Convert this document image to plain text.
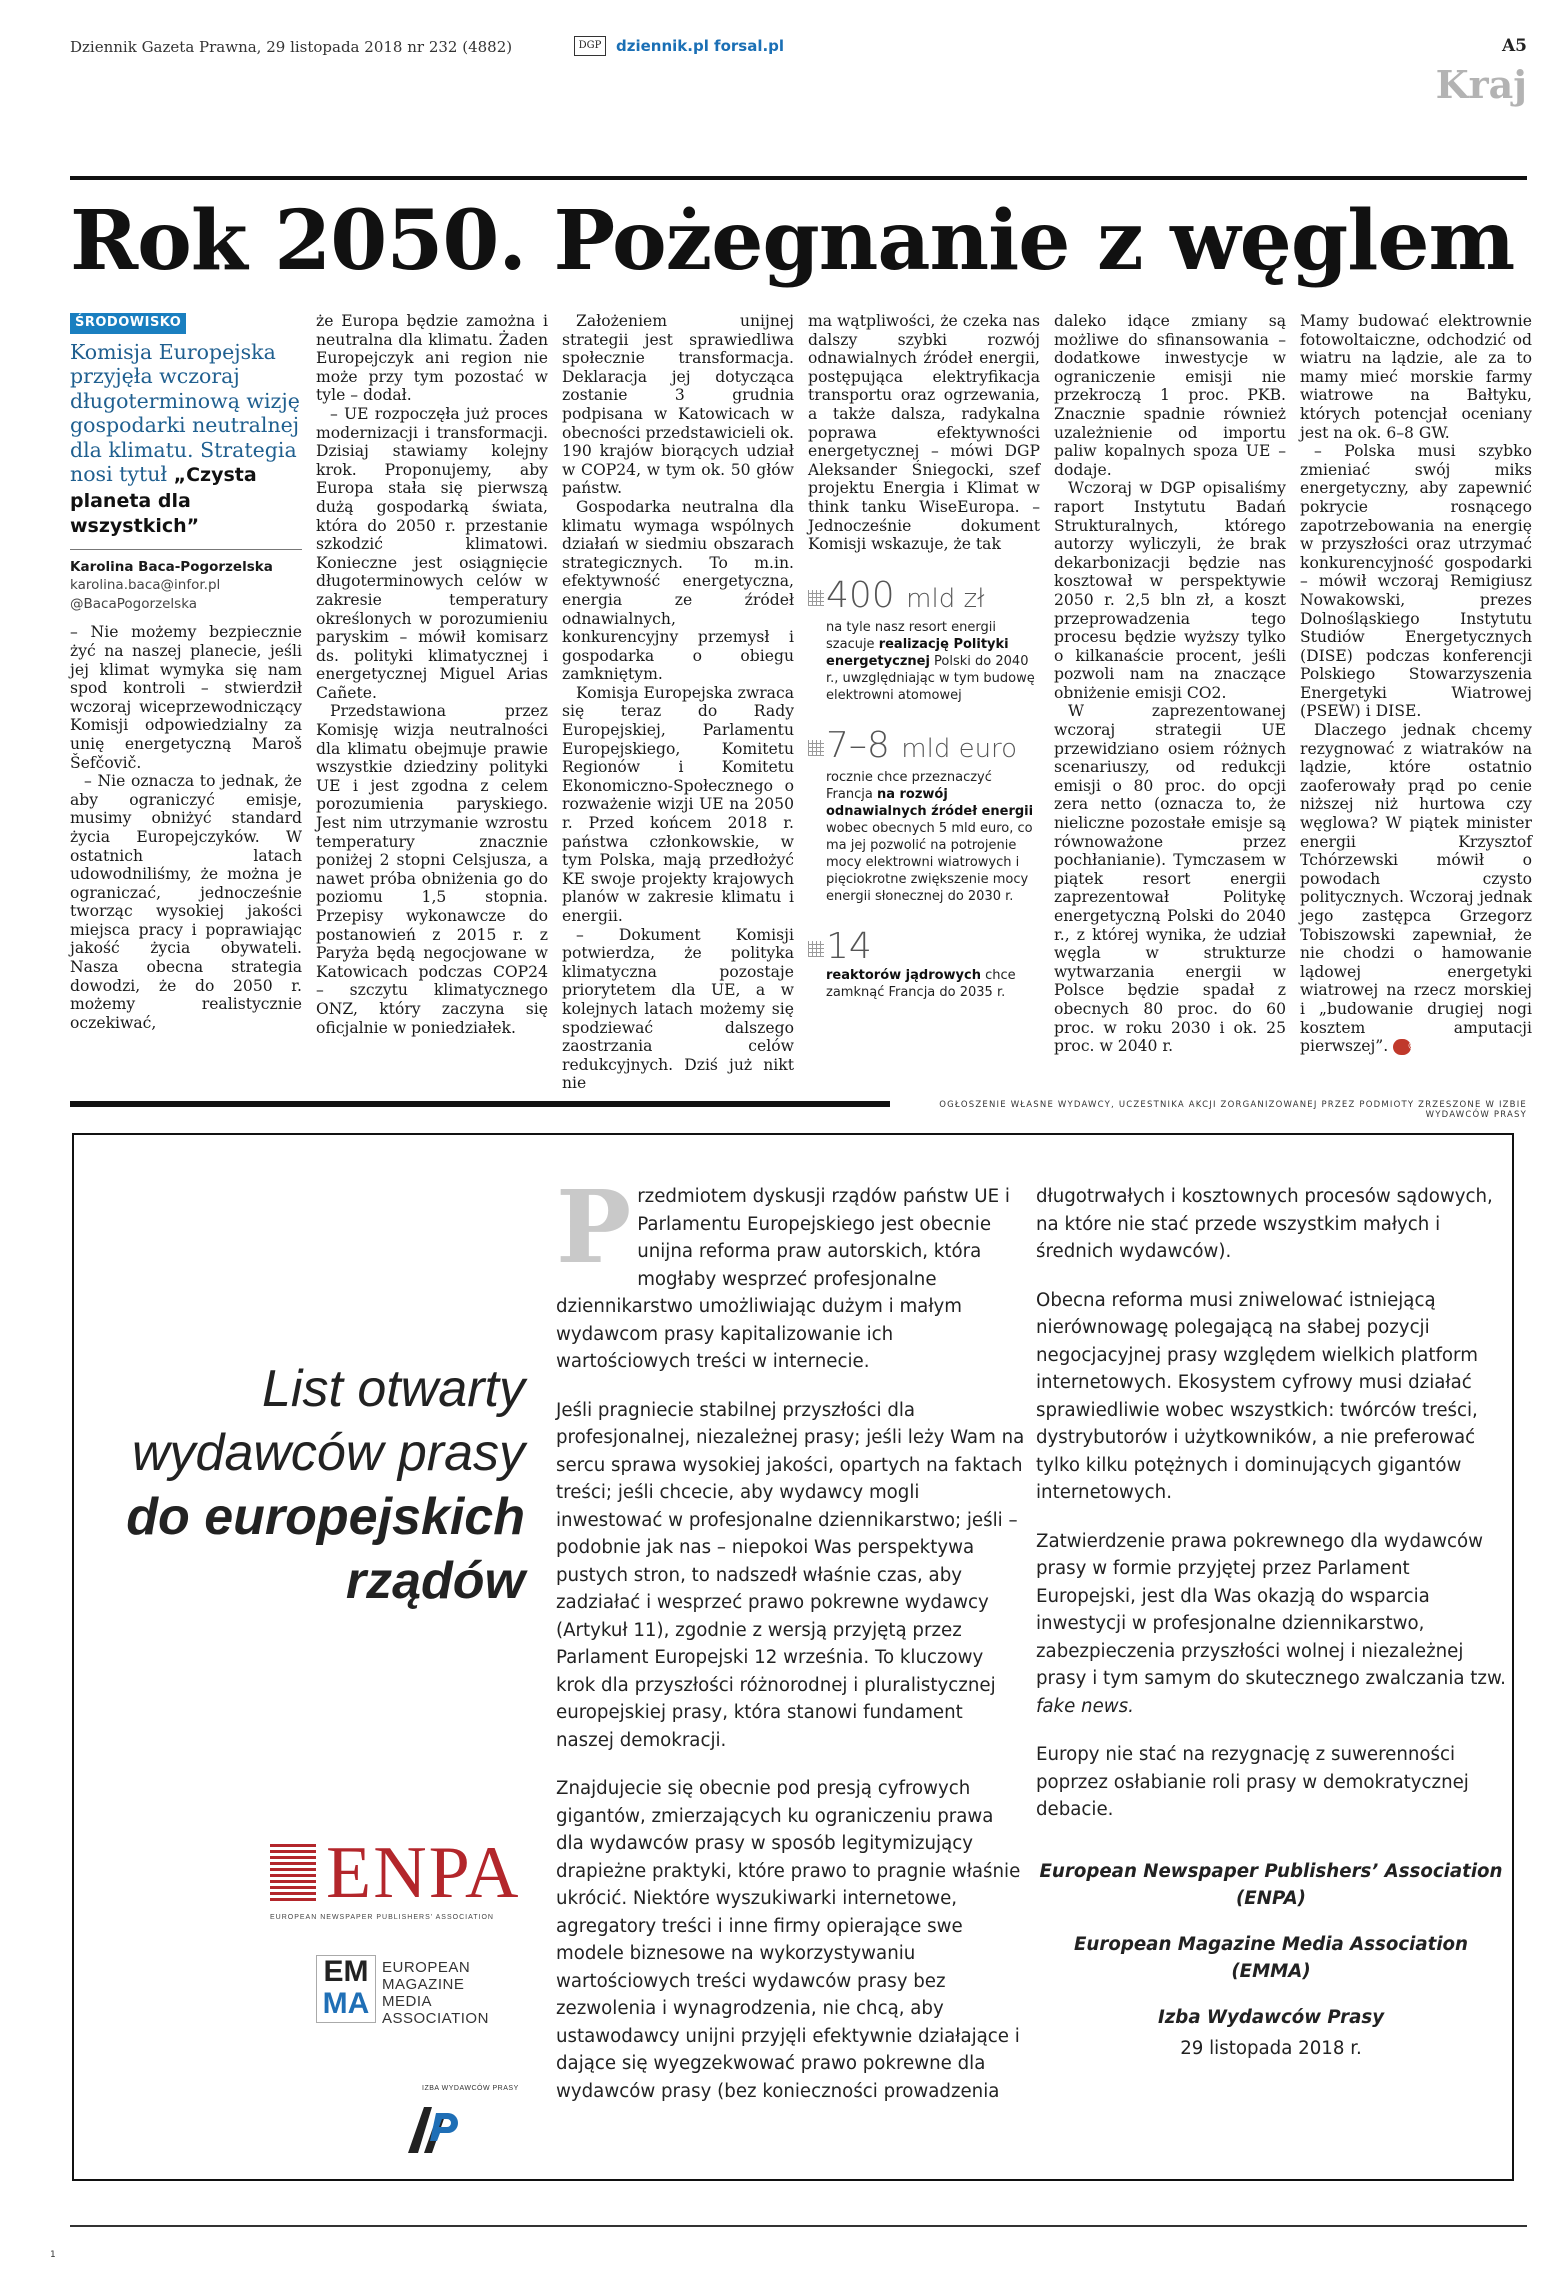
Dziennik Gazeta Prawna, 29 listopada 2018 nr 232 (4882)	DGP dziennik.pl forsal.pl	A5
Kraj
Rok 2050. Pożegnanie z węglem
ŚRODOWISKO
Komisja Europejska przyjęła wczoraj długoterminową wizję gospodarki neutralnej dla klimatu. Strategia nosi tytuł „Czysta planeta dla wszystkich”
Karolina Baca-Pogorzelska
karolina.baca@infor.pl
@BacaPogorzelska

– Nie możemy bezpiecznie żyć na naszej planecie, jeśli jej klimat wymyka się nam spod kontroli – stwierdził wczoraj wiceprzewodniczący Komisji odpowiedzialny za unię energetyczną Maroš Šefčovič.

– Nie oznacza to jednak, że aby ograniczyć emisje, musimy obniżyć standard życia Europejczyków. W ostatnich latach udowodniliśmy, że można je ograniczać, jednocześnie tworząc wysokiej jakości miejsca pracy i poprawiając jakość życia obywateli. Nasza obecna strategia dowodzi, że do 2050 r. możemy realistycznie oczekiwać,

że Europa będzie zamożna i neutralna dla klimatu. Żaden Europejczyk ani region nie może przy tym pozostać w tyle – dodał.

– UE rozpoczęła już proces modernizacji i transformacji. Dzisiaj stawiamy kolejny krok. Proponujemy, aby Europa stała się pierwszą dużą gospodarką świata, która do 2050 r. przestanie szkodzić klimatowi. Konieczne jest osiągnięcie długoterminowych celów w zakresie temperatury określonych w porozumieniu paryskim – mówił komisarz ds. polityki klimatycznej i energetycznej Miguel Arias Cañete.

Przedstawiona przez Komisję wizja neutralności dla klimatu obejmuje prawie wszystkie dziedziny polityki UE i jest zgodna z celem porozumienia paryskiego. Jest nim utrzymanie wzrostu temperatury znacznie poniżej 2 stopni Celsjusza, a nawet próba obniżenia go do poziomu 1,5 stopnia. Przepisy wykonawcze do postanowień z 2015 r. z Paryża będą negocjowane w Katowicach podczas COP24 – szczytu klimatycznego ONZ, który zaczyna się oficjalnie w poniedziałek.

Założeniem unijnej strategii jest sprawiedliwa społecznie transformacja. Deklaracja jej dotycząca zostanie 3 grudnia podpisana w Katowicach w obecności przedstawicieli ok. 190 krajów biorących udział w COP24, w tym ok. 50 głów państw.

Gospodarka neutralna dla klimatu wymaga wspólnych działań w siedmiu obszarach strategicznych. To m.in. efektywność energetyczna, energia ze źródeł odnawialnych, konkurencyjny przemysł i gospodarka o obiegu zamkniętym.

Komisja Europejska zwraca się teraz do Rady Europejskiej, Parlamentu Europejskiego, Komitetu Regionów i Komitetu Ekonomiczno-Społecznego o rozważenie wizji UE na 2050 r. Przed końcem 2018 r. państwa członkowskie, w tym Polska, mają przedłożyć KE swoje projekty krajowych planów w zakresie klimatu i energii.

– Dokument Komisji potwierdza, że polityka klimatyczna pozostaje priorytetem dla UE, a w kolejnych latach możemy się spodziewać dalszego zaostrzania celów redukcyjnych. Dziś już nikt nie

ma wątpliwości, że czeka nas dalszy szybki rozwój odnawialnych źródeł energii, postępująca elektryfikacja transportu oraz ogrzewania, a także dalsza, radykalna poprawa efektywności energetycznej – mówi DGP Aleksander Śniegocki, szef projektu Energia i Klimat w think tanku WiseEuropa. – Jednocześnie dokument Komisji wskazuje, że tak

400 mld zł
na tyle nasz resort energii szacuje realizację Polityki energetycznej Polski do 2040 r., uwzględniając w tym budowę elektrowni atomowej
7–8 mld euro
rocznie chce przeznaczyć Francja na rozwój odnawialnych źródeł energii wobec obecnych 5 mld euro, co ma jej pozwolić na potrojenie mocy elektrowni wiatrowych i pięciokrotne zwiększenie mocy energii słonecznej do 2030 r.
14
reaktorów jądrowych chce zamknąć Francja do 2035 r.

daleko idące zmiany są możliwe do sfinansowania – dodatkowe inwestycje w ograniczenie emisji nie przekroczą 1 proc. PKB. Znacznie spadnie również uzależnienie od importu paliw kopalnych spoza UE – dodaje.

Wczoraj w DGP opisaliśmy raport Instytutu Badań Strukturalnych, którego autorzy wyliczyli, że brak dekarbonizacji będzie nas kosztował w perspektywie 2050 r. 2,5 bln zł, a koszt przeprowadzenia tego procesu będzie wyższy tylko o kilkanaście procent, jeśli pozwoli nam na znaczące obniżenie emisji CO2.

W zaprezentowanej wczoraj strategii UE przewidziano osiem różnych scenariuszy, od redukcji emisji o 80 proc. do opcji zera netto (oznacza to, że nieliczne pozostałe emisje są równoważone przez pochłanianie). Tymczasem w piątek resort energii zaprezentował Politykę energetyczną Polski do 2040 r., z której wynika, że udział węgla w strukturze wytwarzania energii w Polsce będzie spadał z obecnych 80 proc. do 60 proc. w roku 2030 i ok. 25 proc. w 2040 r.

Mamy budować elektrownie fotowoltaiczne, odchodzić od wiatru na lądzie, ale za to mamy mieć morskie farmy wiatrowe na Bałtyku, których potencjał oceniany jest na ok. 6–8 GW.

– Polska musi szybko zmieniać swój miks energetyczny, aby zapewnić pokrycie rosnącego zapotrzebowania na energię w przyszłości oraz utrzymać konkurencyjność gospodarki – mówił wczoraj Remigiusz Nowakowski, prezes Dolnośląskiego Instytutu Studiów Energetycznych (DISE) podczas konferencji Polskiego Stowarzyszenia Energetyki Wiatrowej (PSEW) i DISE.

Dlaczego jednak chcemy rezygnować z wiatraków na lądzie, które ostatnio zaoferowały prąd po cenie niższej niż hurtowa czy węglowa? W piątek minister energii Krzysztof Tchórzewski mówił o powodach czysto politycznych. Wczoraj jednak jego zastępca Grzegorz Tobiszowski zapewniał, że nie chodzi o hamowanie lądowej energetyki wiatrowej na rzecz morskiej i „budowanie drugiej nogi kosztem amputacji pierwszej”. ©℗

OGŁOSZENIE WŁASNE WYDAWCY, UCZESTNIKA AKCJI ZORGANIZOWANEJ PRZEZ PODMIOTY ZRZESZONE W IZBIE WYDAWCÓW PRASY
List otwarty
wydawców prasy
do europejskich
rządów

Przedmiotem dyskusji rządów państw UE i Parlamentu Europejskiego jest obecnie unijna reforma praw autorskich, która mogłaby wesprzeć profesjonalne dziennikarstwo umożliwiając dużym i małym wydawcom prasy kapitalizowanie ich wartościowych treści w internecie.

Jeśli pragniecie stabilnej przyszłości dla profesjonalnej, niezależnej prasy; jeśli leży Wam na sercu sprawa wysokiej jakości, opartych na faktach treści; jeśli chcecie, aby wydawcy mogli inwestować w profesjonalne dziennikarstwo; jeśli – podobnie jak nas – niepokoi Was perspektywa pustych stron, to nadszedł właśnie czas, aby zadziałać i wesprzeć prawo pokrewne wydawcy (Artykuł 11), zgodnie z wersją przyjętą przez Parlament Europejski 12 września. To kluczowy krok dla przyszłości różnorodnej i pluralistycznej europejskiej prasy, która stanowi fundament naszej demokracji.

Znajdujecie się obecnie pod presją cyfrowych gigantów, zmierzających ku ograniczeniu prawa dla wydawców prasy w sposób legitymizujący drapieżne praktyki, które prawo to pragnie właśnie ukrócić. Niektóre wyszukiwarki internetowe, agregatory treści i inne firmy opierające swe modele biznesowe na wykorzystywaniu wartościowych treści wydawców prasy bez zezwolenia i wynagrodzenia, nie chcą, aby ustawodawcy unijni przyjęli efektywnie działające i dające się wyegzekwować prawo pokrewne dla wydawców prasy (bez konieczności prowadzenia

długotrwałych i kosztownych procesów sądowych, na które nie stać przede wszystkim małych i średnich wydawców).

Obecna reforma musi zniwelować istniejącą nierównowagę polegającą na słabej pozycji negocjacyjnej prasy względem wielkich platform internetowych. Ekosystem cyfrowy musi działać sprawiedliwie wobec wszystkich: twórców treści, dystrybutorów i użytkowników, a nie preferować tylko kilku potężnych i dominujących gigantów internetowych.

Zatwierdzenie prawa pokrewnego dla wydawców prasy w formie przyjętej przez Parlament Europejski, jest dla Was okazją do wsparcia inwestycji w profesjonalne dziennikarstwo, zabezpieczenia przyszłości wolnej i niezależnej prasy i tym samym do skutecznego zwalczania tzw. fake news.

Europy nie stać na rezygnację z suwerenności poprzez osłabianie roli prasy w demokratycznej debacie.

European Newspaper Publishers’ Association (ENPA)
European Magazine Media Association (EMMA)
Izba Wydawców Prasy
29 listopada 2018 r.
ENPA
EUROPEAN NEWSPAPER PUBLISHERS' ASSOCIATION
EM
MA
EUROPEAN
MAGAZINE MEDIA
ASSOCIATION
IZBA WYDAWCÓW PRASY
1
